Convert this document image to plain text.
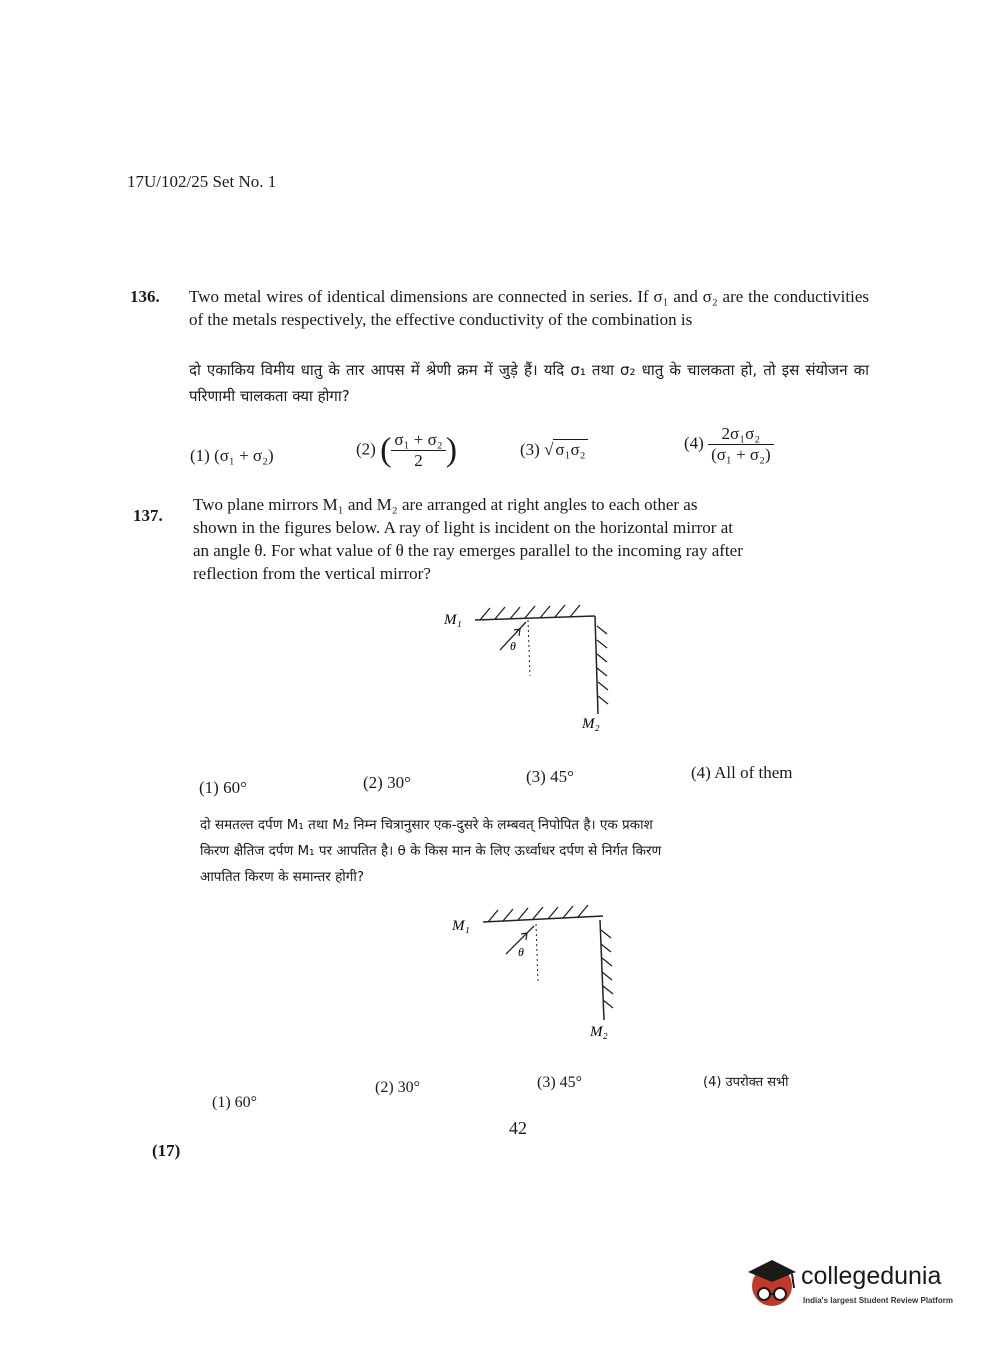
17U/102/25 Set No. 1
136. Two metal wires of identical dimensions are connected in series. If σ₁ and σ₂ are the conductivities of the metals respectively, the effective conductivity of the combination is
दो एकाकिय विमीय धातु के तार आपस में श्रेणी क्रम में जुड़े हैं। यदि σ₁ तथा σ₂ धातु के चालकता हो, तो इस संयोजन का परिणामी चालकता क्या होगा?
(1) (σ₁ + σ₂)	(2) ( $\frac{\text{σ₁ + σ₂}}{2}$ )	(3) √ σ₁σ₂	$(4) \frac{\text{2σ₁σ₂}}{\text{(σ₁ + σ₂)}}$
137.
Two plane mirrors M₁ and M₂ are arranged at right angles to each other as
shown in the figures below. A ray of light is incident on the horizontal mirror at
an angle θ. For what value of θ the ray emerges parallel to the incoming ray after
reflection from the vertical mirror?
θ
M₁
M₂
(1) 60°	(2) 30°	(3) 45°	(4) All of them
दो समतल्त दर्पण M₁ तथा M₂ निम्न चित्रानुसार एक-दुसरे के लम्बवत् निपोपित है। एक प्रकाश
किरण क्षैतिज दर्पण M₁ पर आपतित है। θ के किस मान के लिए ऊर्ध्वाधर दर्पण से निर्गत किरण
आपतित किरण के समान्तर होगी?
θ
M₁
M₂
(1) 60°
(2) 30°	(3) 45°	(4) उपरोक्त सभी
42
(17)
collegedunia
India's largest Student Review Platform
